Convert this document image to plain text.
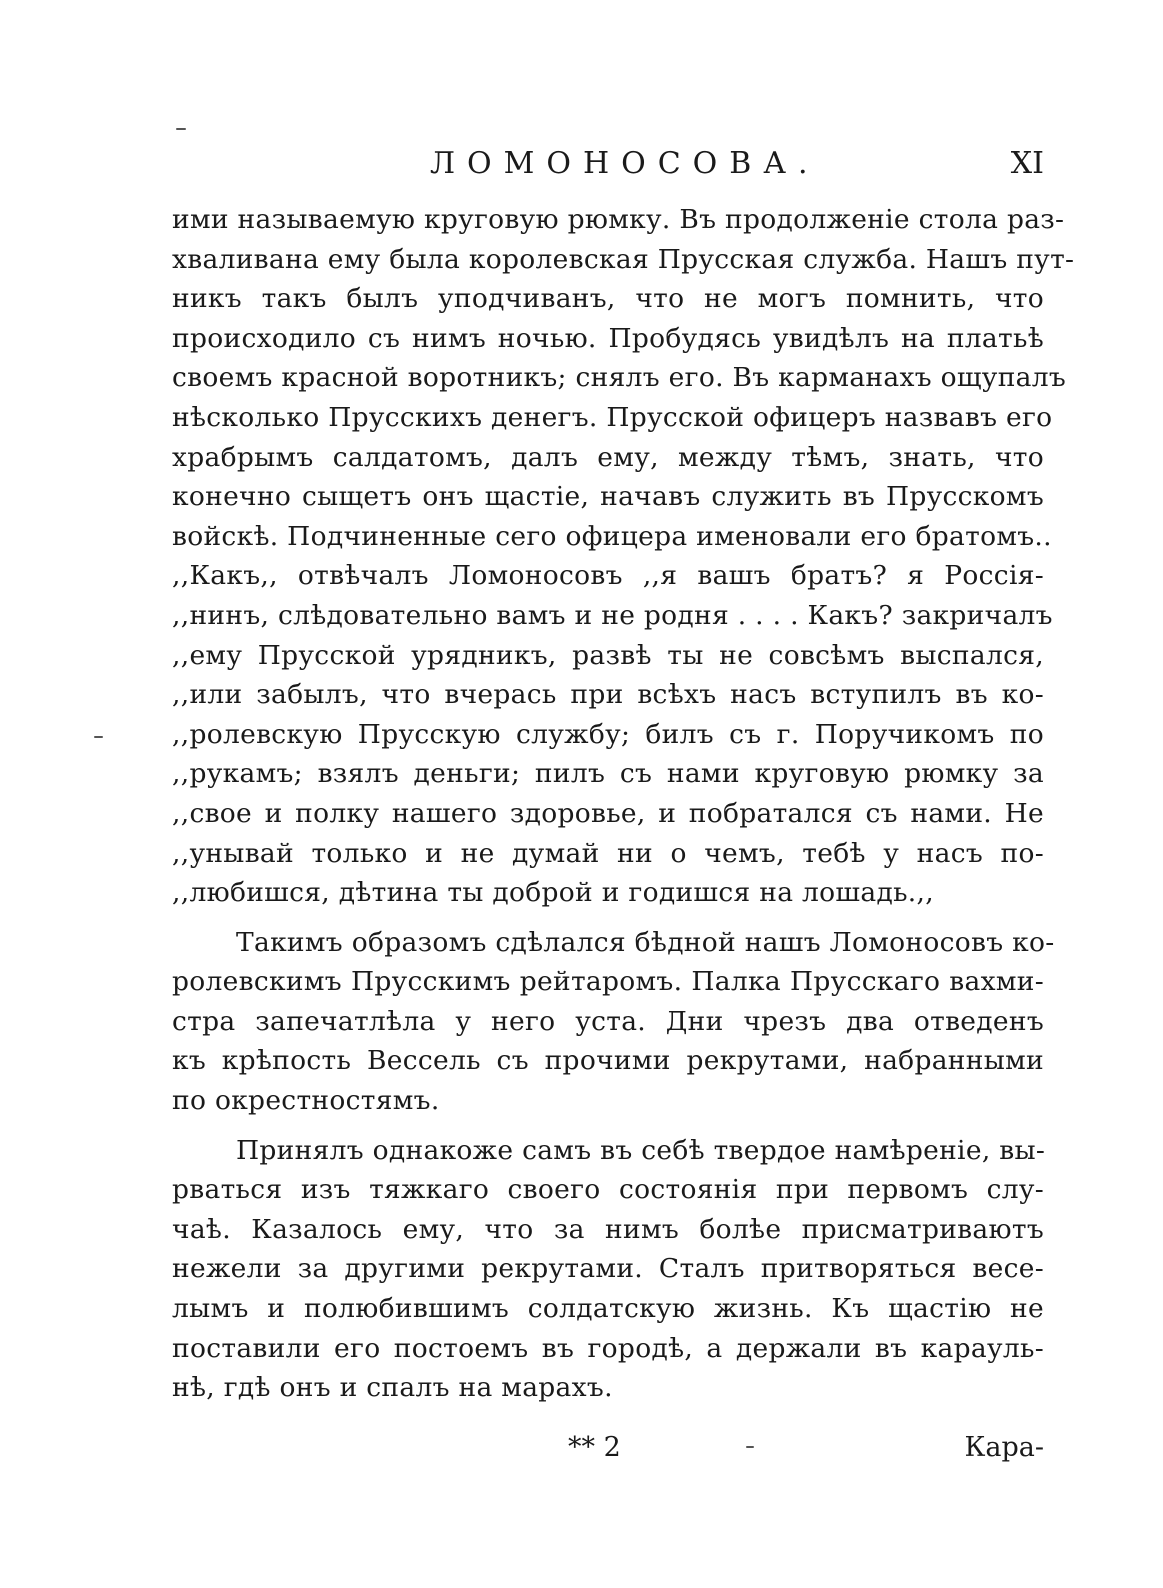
ЛОМОНОСОВА.	XI
ими называемую круговую рюмку. Въ продолженіе стола раз-
хваливана ему была королевская Прусская служба. Нашъ пут-
никъ такъ былъ уподчиванъ, что не могъ помнить, что
происходило съ нимъ ночью. Пробудясь увидѣлъ на платьѣ
своемъ красной воротникъ; снялъ его. Въ карманахъ ощупалъ
нѣсколько Прусскихъ денегъ. Прусской офицеръ назвавъ его
храбрымъ салдатомъ, далъ ему, между тѣмъ, знать, что
конечно сыщетъ онъ щастіе, начавъ служить въ Прусскомъ
войскѣ. Подчиненные сего офицера именовали его братомъ..
,,Какъ,, отвѣчалъ Ломоносовъ ,,я вашъ братъ? я Россія-
,,нинъ, слѣдовательно вамъ и не родня . . . . Какъ? закричалъ
,,ему Прусской урядникъ, развѣ ты не совсѣмъ выспался,
,,или забылъ, что вчерась при всѣхъ насъ вступилъ въ ко-
,,ролевскую Прусскую службу; билъ съ г. Поручикомъ по
,,рукамъ; взялъ деньги; пилъ съ нами круговую рюмку за
,,свое и полку нашего здоровье, и побратался съ нами. Не
,,унывай только и не думай ни о чемъ, тебѣ у насъ по-
,,любишся, дѣтина ты доброй и годишся на лошадь.,,
Такимъ образомъ сдѣлался бѣдной нашъ Ломоносовъ ко-
ролевскимъ Прусскимъ рейтаромъ. Палка Прусскаго вахми-
стра запечатлѣла у него уста. Дни чрезъ два отведенъ
къ крѣпость Вессель съ прочими рекрутами, набранными
по окрестностямъ.
Принялъ однакоже самъ въ себѣ твердое намѣреніе, вы-
рваться изъ тяжкаго своего состоянія при первомъ слу-
чаѣ. Казалось ему, что за нимъ болѣе присматриваютъ
нежели за другими рекрутами. Сталъ притворяться весе-
лымъ и полюбившимъ солдатскую жизнь. Къ щастію не
поставили его постоемъ въ городѣ, а держали въ карауль-
нѣ, гдѣ онъ и спалъ на марахъ.
** 2	Кара-
